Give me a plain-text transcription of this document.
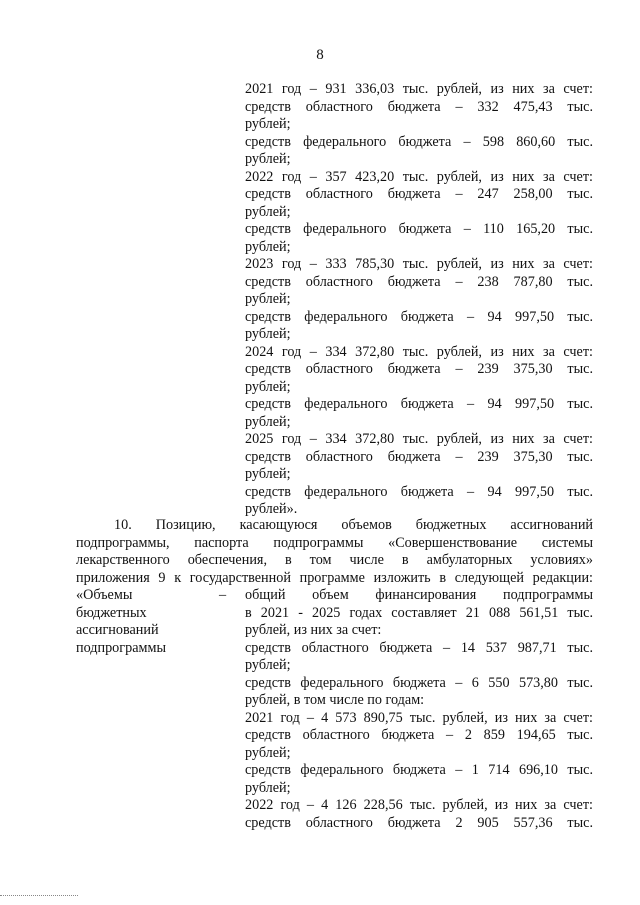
8
2021 год – 931 336,03 тыс. рублей, из них за счет:
средств областного бюджета – 332 475,43 тыс.
рублей;
средств федерального бюджета – 598 860,60 тыс.
рублей;
2022 год – 357 423,20 тыс. рублей, из них за счет:
средств областного бюджета – 247 258,00 тыс.
рублей;
средств федерального бюджета – 110 165,20 тыс.
рублей;
2023 год – 333 785,30 тыс. рублей, из них за счет:
средств областного бюджета – 238 787,80 тыс.
рублей;
средств федерального бюджета – 94 997,50 тыс.
рублей;
2024 год – 334 372,80 тыс. рублей, из них за счет:
средств областного бюджета – 239 375,30 тыс.
рублей;
средств федерального бюджета – 94 997,50 тыс.
рублей;
2025 год – 334 372,80 тыс. рублей, из них за счет:
средств областного бюджета – 239 375,30 тыс.
рублей;
средств федерального бюджета – 94 997,50 тыс.
рублей».
10. Позицию, касающуюся объемов бюджетных ассигнований
подпрограммы, паспорта подпрограммы «Совершенствование системы
лекарственного обеспечения, в том числе в амбулаторных условиях»
приложения 9 к государственной программе изложить в следующей редакции:
–
«Объемы
бюджетных
ассигнований
подпрограммы
общий объем финансирования подпрограммы
в 2021 - 2025 годах составляет 21 088 561,51 тыс.
рублей, из них за счет:
средств областного бюджета – 14 537 987,71 тыс.
рублей;
средств федерального бюджета – 6 550 573,80 тыс.
рублей, в том числе по годам:
2021 год – 4 573 890,75 тыс. рублей, из них за счет:
средств областного бюджета – 2 859 194,65 тыс.
рублей;
средств федерального бюджета – 1 714 696,10 тыс.
рублей;
2022 год – 4 126 228,56 тыс. рублей, из них за счет:
средств областного бюджета 2 905 557,36 тыс.
